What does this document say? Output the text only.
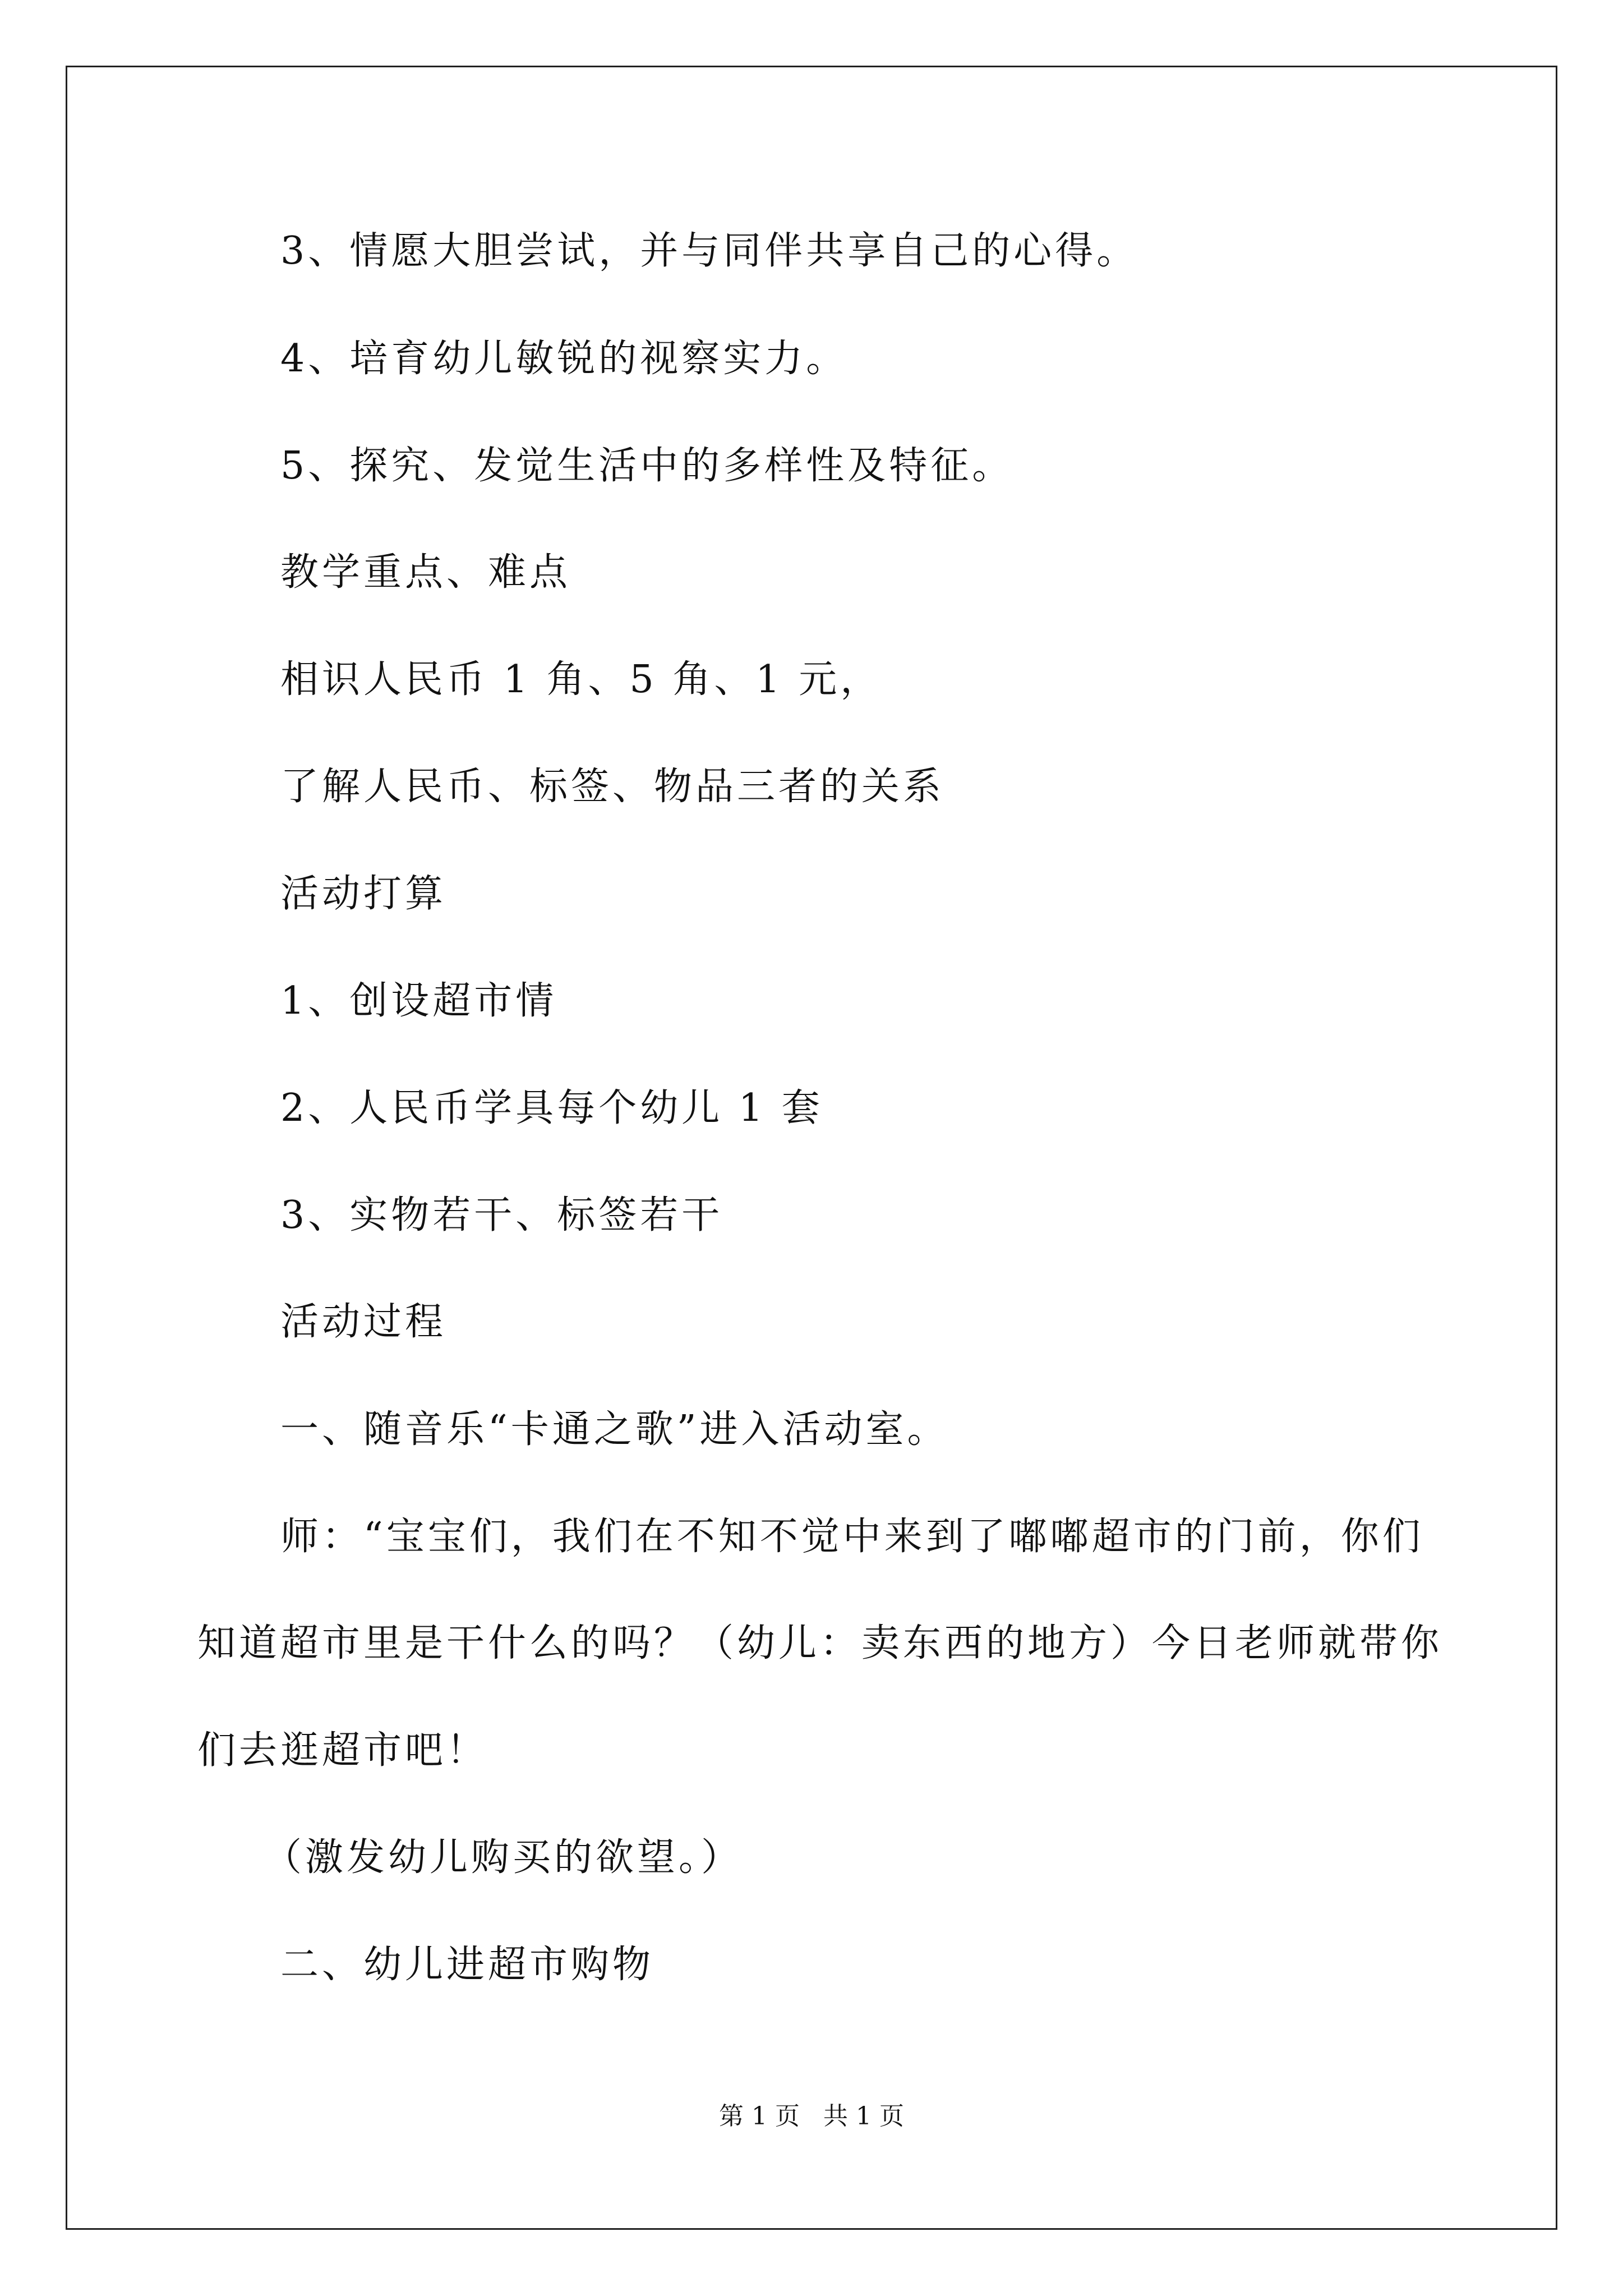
3、情愿大胆尝试，并与同伴共享自己的心得。
4、培育幼儿敏锐的视察实力。
5、探究、发觉生活中的多样性及特征。
教学重点、难点
相识人民币 1 角、5 角、1 元，
了解人民币、标签、物品三者的关系
活动打算
1、创设超市情
2、人民币学具每个幼儿 1 套
3、实物若干、标签若干
活动过程
一、随音乐“卡通之歌”进入活动室。
师：“宝宝们，我们在不知不觉中来到了嘟嘟超市的门前，你们
知道超市里是干什么的吗？（幼儿：卖东西的地方）今日老师就带你
们去逛超市吧！
（激发幼儿购买的欲望。）
二、幼儿进超市购物
第 1 页   共 1 页
